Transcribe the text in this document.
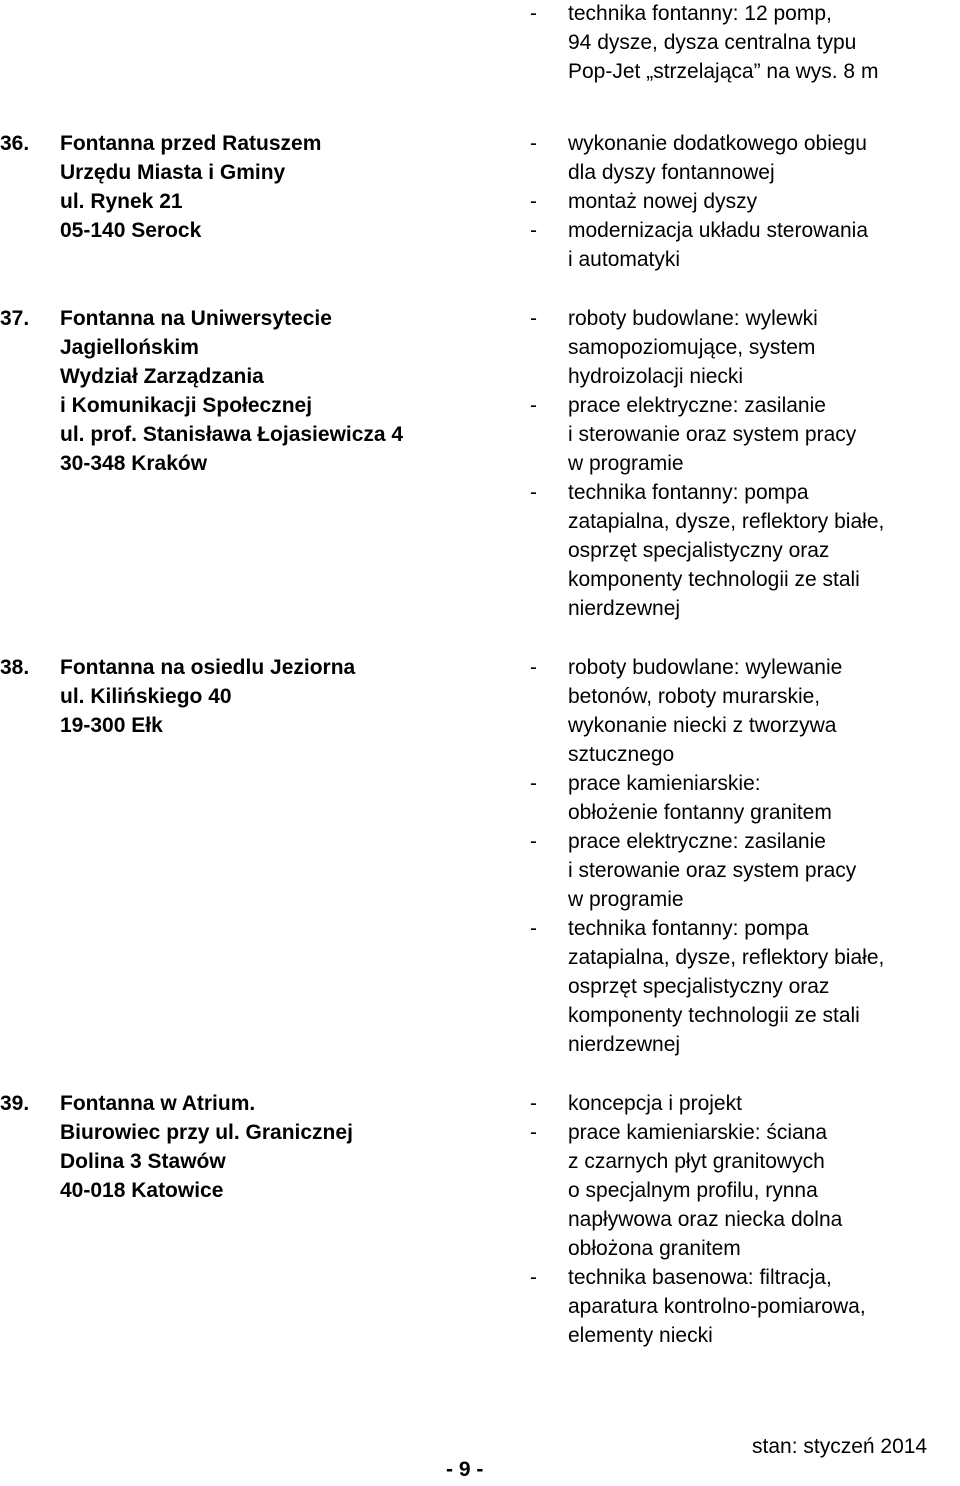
- technika fontanny: 12 pomp,
94 dysze, dysza centralna typu
Pop-Jet „strzelająca” na wys. 8 m
36. Fontanna przed Ratuszem
Urzędu Miasta i Gminy
ul. Rynek 21
05-140 Serock
- wykonanie dodatkowego obiegu
dla dyszy fontannowej
- montaż nowej dyszy
- modernizacja układu sterowania
i automatyki
37. Fontanna na Uniwersytecie
Jagiellońskim
Wydział Zarządzania
i Komunikacji Społecznej
ul. prof. Stanisława Łojasiewicza 4
30-348 Kraków
- roboty budowlane: wylewki
samopoziomujące, system
hydroizolacji niecki
- prace elektryczne: zasilanie
i sterowanie oraz system pracy
w programie
- technika fontanny: pompa
zatapialna, dysze, reflektory białe,
osprzęt specjalistyczny oraz
komponenty technologii ze stali
nierdzewnej
38. Fontanna na osiedlu Jeziorna
ul. Kilińskiego 40
19-300 Ełk
- roboty budowlane: wylewanie
betonów, roboty murarskie,
wykonanie niecki z tworzywa
sztucznego
- prace kamieniarskie:
obłożenie fontanny granitem
- prace elektryczne: zasilanie
i sterowanie oraz system pracy
w programie
- technika fontanny: pompa
zatapialna, dysze, reflektory białe,
osprzęt specjalistyczny oraz
komponenty technologii ze stali
nierdzewnej
39. Fontanna w Atrium.
Biurowiec przy ul. Granicznej
Dolina 3 Stawów
40-018 Katowice
- koncepcja i projekt
- prace kamieniarskie: ściana
z czarnych płyt granitowych
o specjalnym profilu, rynna
napływowa oraz niecka dolna
obłożona granitem
- technika basenowa: filtracja,
aparatura kontrolno-pomiarowa,
elementy niecki
- 9 -
stan: styczeń 2014
